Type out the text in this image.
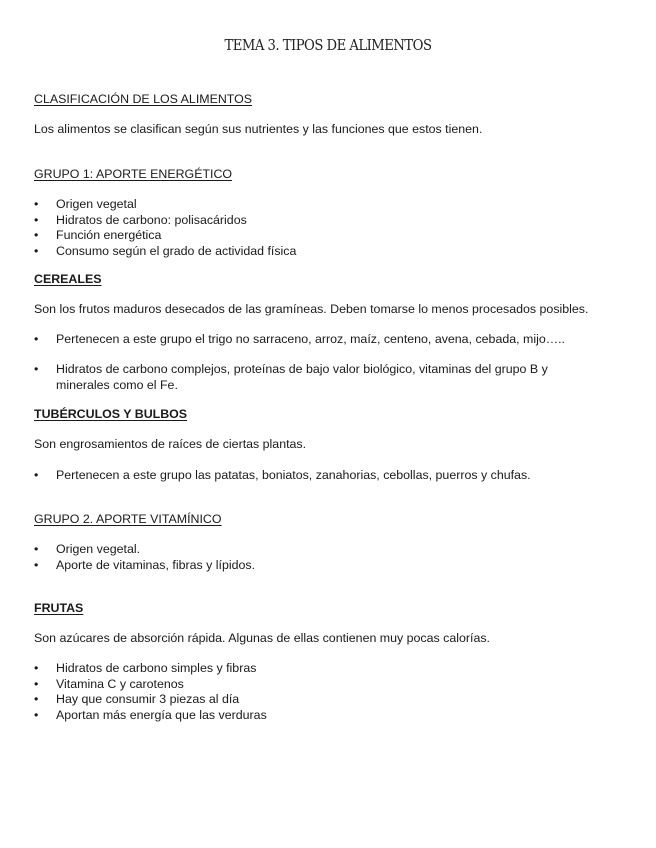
TEMA 3. TIPOS DE ALIMENTOS
CLASIFICACIÓN DE LOS ALIMENTOS
Los alimentos se clasifican según sus nutrientes y las funciones que estos tienen.
GRUPO 1: APORTE ENERGÉTICO
•	Origen vegetal
•	Hidratos de carbono: polisacáridos
•	Función energética
•	Consumo según el grado de actividad física
CEREALES
Son los frutos maduros desecados de las gramíneas. Deben tomarse lo menos procesados posibles.
•	Pertenecen a este grupo el trigo no sarraceno, arroz, maíz, centeno, avena, cebada, mijo…..
•	Hidratos de carbono complejos, proteínas de bajo valor biológico, vitaminas del grupo B y minerales como el Fe.
TUBÉRCULOS Y BULBOS
Son engrosamientos de raíces de ciertas plantas.
•	Pertenecen a este grupo las patatas, boniatos, zanahorias, cebollas, puerros y chufas.
GRUPO 2. APORTE VITAMÍNICO
•	Origen vegetal.
•	Aporte de vitaminas, fibras y lípidos.
FRUTAS
Son azúcares de absorción rápida. Algunas de ellas contienen muy pocas calorías.
•	Hidratos de carbono simples y fibras
•	Vitamina C y carotenos
•	Hay que consumir 3 piezas al día
•	Aportan más energía que las verduras
